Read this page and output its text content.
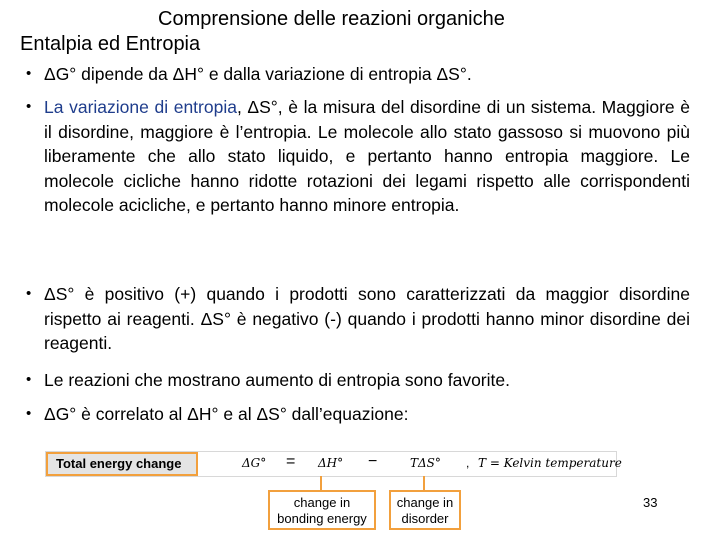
Comprensione delle reazioni organiche
Entalpia ed Entropia
• ΔG° dipende da ΔH° e dalla variazione di entropia ΔS°.
• La variazione di entropia, ΔS°, è la misura del disordine di un sistema. Maggiore è il disordine, maggiore è l’entropia. Le molecole allo stato gassoso si muovono più liberamente che allo stato liquido, e pertanto hanno entropia maggiore. Le molecole cicliche hanno ridotte rotazioni dei legami rispetto alle corrispondenti molecole acicliche, e pertanto hanno minore entropia.
• ΔS° è positivo (+) quando i prodotti sono caratterizzati da maggior disordine rispetto ai reagenti. ΔS° è negativo (-) quando i prodotti hanno minor disordine dei reagenti.
• Le reazioni che mostrano aumento di entropia sono favorite.
• ΔG° è correlato al ΔH° e al ΔS° dall’equazione:
Total energy change	ΔG° = ΔH° −	TΔS° , T = Kelvin temperature
change in
bonding energy
change in
disorder
33
